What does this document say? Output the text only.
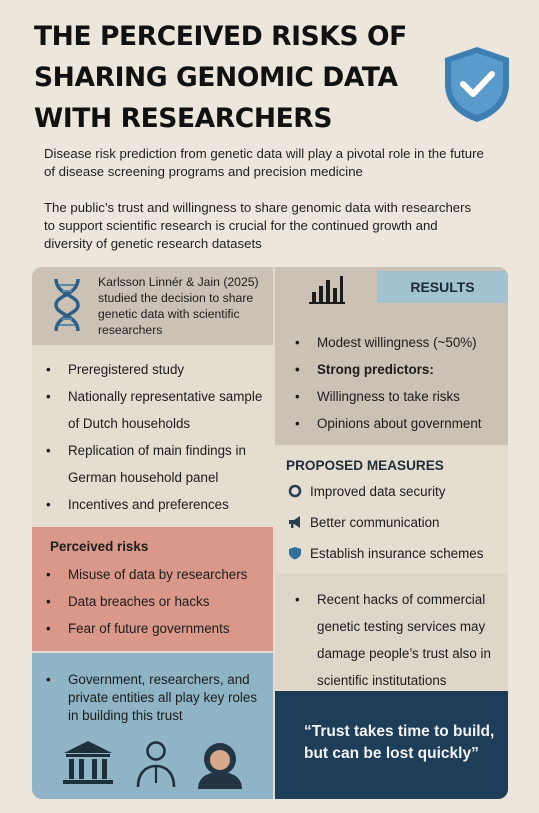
THE PERCEIVED RISKS OF
SHARING GENOMIC DATA
WITH RESEARCHERS

Disease risk prediction from genetic data will play a pivotal role in the future of disease screening programs and precision medicine

The public’s trust and willingness to share genomic data with researchers to support scientific research is crucial for the continued growth and diversity of genetic research datasets

Karlsson Linnér & Jain (2025) studied the decision to share genetic data with scientific researchers

RESULTS
• Modest willingness (~50%)
• Strong predictors:
• Willingness to take risks
• Opinions about government
• Preregistered study
• Nationally representative sample of Dutch households
• Replication of main findings in German household panel
• Incentives and preferences
PROPOSED MEASURES
Improved data security
Better communication
Establish insurance schemes
Perceived risks
• Misuse of data by researchers
• Data breaches or hacks
• Fear of future governments
• Recent hacks of commercial genetic testing services may damage people’s trust also in scientific institutations
• Government, researchers, and private entities all play key roles in building this trust

“Trust takes time to build, but can be lost quickly”
